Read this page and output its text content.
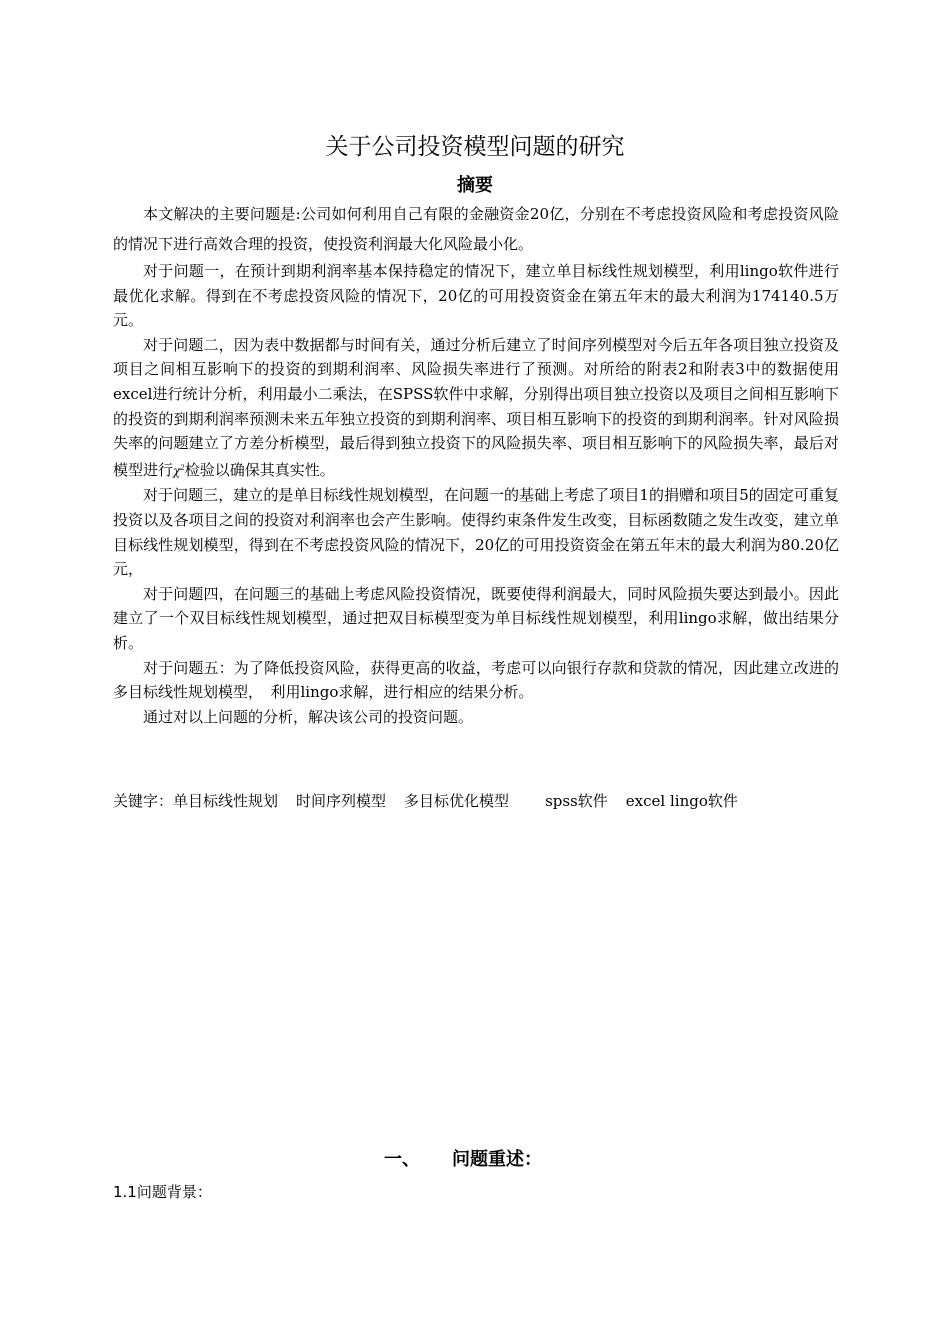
关于公司投资模型问题的研究
摘要

本文解决的主要问题是:公司如何利用自己有限的金融资金20亿，分别在不考虑投资风险和考虑投资风险的情况下进行高效合理的投资，使投资利润最大化风险最小化。

对于问题一，在预计到期利润率基本保持稳定的情况下，建立单目标线性规划模型，利用lingo软件进行最优化求解。得到在不考虑投资风险的情况下，20亿的可用投资资金在第五年末的最大利润为174140.5万元。

对于问题二，因为表中数据都与时间有关，通过分析后建立了时间序列模型对今后五年各项目独立投资及项目之间相互影响下的投资的到期利润率、风险损失率进行了预测。对所给的附表2和附表3中的数据使用excel进行统计分析，利用最小二乘法，在SPSS软件中求解，分别得出项目独立投资以及项目之间相互影响下的投资的到期利润率预测未来五年独立投资的到期利润率、项目相互影响下的投资的到期利润率。针对风险损失率的问题建立了方差分析模型，最后得到独立投资下的风险损失率、项目相互影响下的风险损失率，最后对模型进行$\chi^2$检验以确保其真实性。

对于问题三，建立的是单目标线性规划模型，在问题一的基础上考虑了项目1的捐赠和项目5的固定可重复投资以及各项目之间的投资对利润率也会产生影响。使得约束条件发生改变，目标函数随之发生改变，建立单目标线性规划模型，得到在不考虑投资风险的情况下，20亿的可用投资资金在第五年末的最大利润为80.20亿元，

对于问题四，在问题三的基础上考虑风险投资情况，既要使得利润最大，同时风险损失要达到最小。因此建立了一个双目标线性规划模型，通过把双目标模型变为单目标线性规划模型，利用lingo求解，做出结果分析。

对于问题五：为了降低投资风险，获得更高的收益，考虑可以向银行存款和贷款的情况，因此建立改进的多目标线性规划模型，　利用lingo求解，进行相应的结果分析。

通过对以上问题的分析，解决该公司的投资问题。

关键字：单目标线性规划 时间序列模型 多目标优化模型 spss软件 excel lingo软件
一、 问题重述：
1.1问题背景：
